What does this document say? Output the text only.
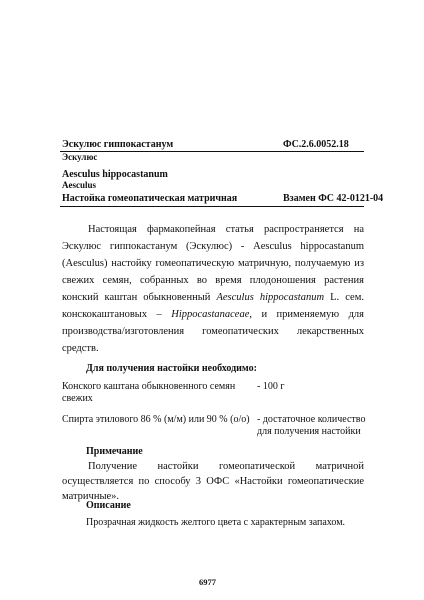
Эскулюс гиппокастанум	ФС.2.6.0052.18
Эскулюс
Aesculus hippocastanum
Aesculus
Настойка гомеопатическая матричная	Взамен ФС 42-0121-04
Настоящая фармакопейная статья распространяется на Эскулюс гиппокастанум (Эскулюс) - Aesculus hippocastanum (Aesculus) настойку гомеопатическую матричную, получаемую из свежих семян, собранных во время плодоношения растения конский каштан обыкновенный Aesculus hippocastanum L. сем. конскокаштановых – Hippocastanaceae, и применяемую для производства/изготовления гомеопатических лекарственных средств.
Для получения настойки необходимо:
Конского каштана обыкновенного семян свежих
- 100 г
Спирта этилового 86 % (м/м) или 90 % (о/о) - достаточное количество для получения настойки
Примечание
Получение настойки гомеопатической матричной осуществляется по способу 3 ОФС «Настойки гомеопатические матричные».
Описание
Прозрачная жидкость желтого цвета с характерным запахом.
6977
